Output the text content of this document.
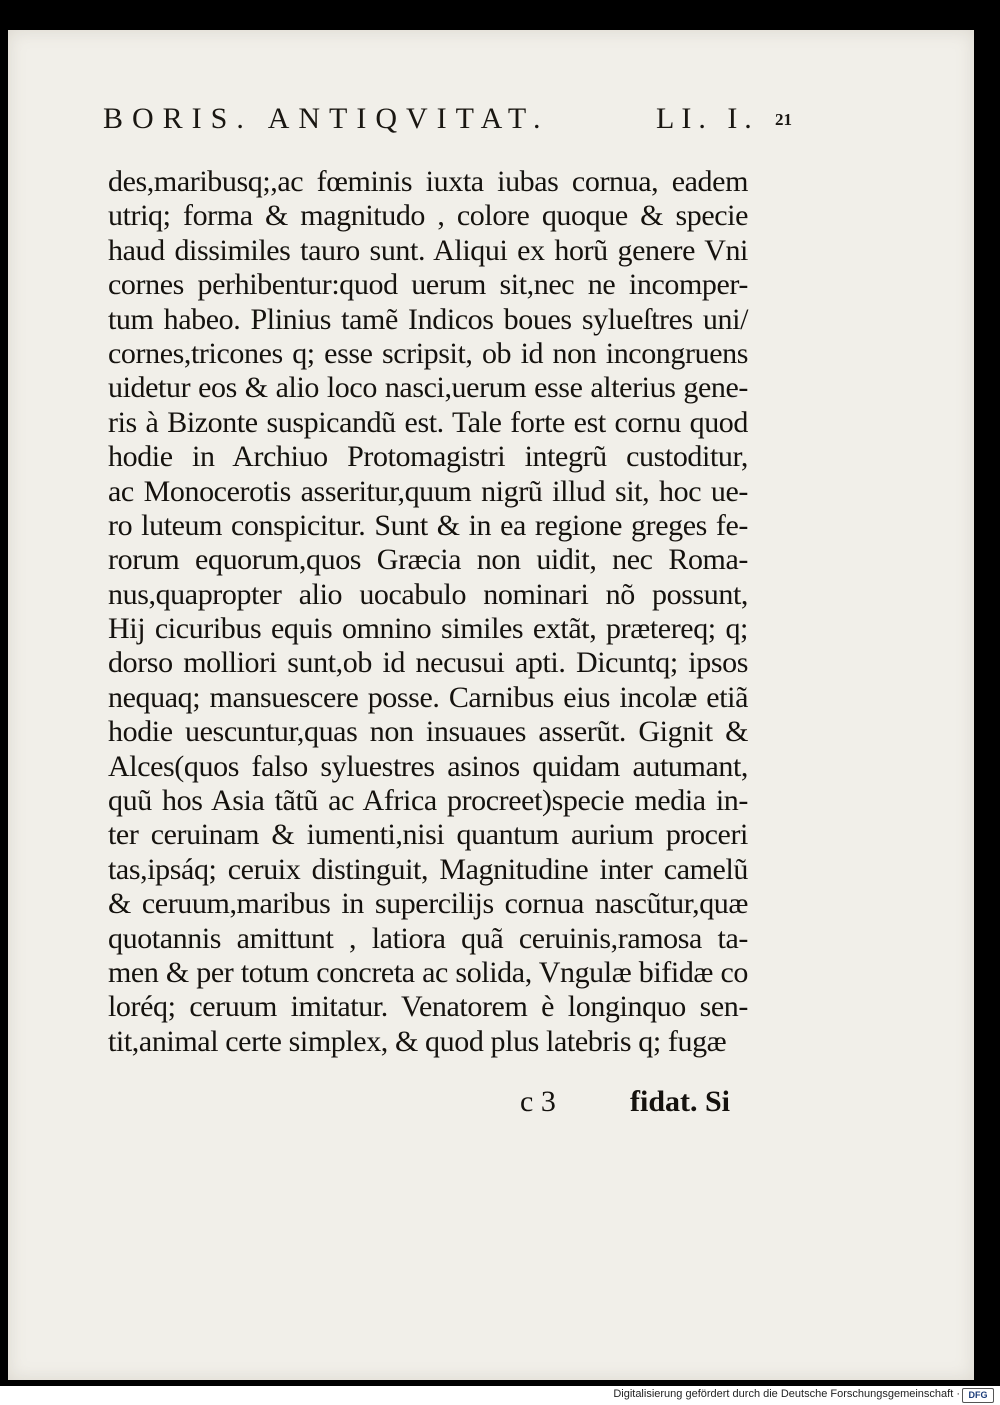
BORIS. ANTIQVITAT.	LI. I. 21
des,maribusq;,ac fœminis iuxta iubas cornua, eadem
utriq; forma & magnitudo , colore quoque & specie
haud dissimiles tauro sunt. Aliqui ex horũ genere Vni
cornes perhibentur:quod uerum sit,nec ne incomper-
tum habeo. Plinius tamẽ Indicos boues sylueſtres uni/
cornes,tricones q; esse scripsit, ob id non incongruens
uidetur eos & alio loco nasci,uerum esse alterius gene-
ris à Bizonte suspicandũ est. Tale forte est cornu quod
hodie in Archiuo Protomagistri integrũ custoditur,
ac Monocerotis asseritur,quum nigrũ illud sit, hoc ue-
ro luteum conspicitur. Sunt & in ea regione greges fe-
rorum equorum,quos Græcia non uidit, nec Roma-
nus,quapropter alio uocabulo nominari nõ possunt,
Hij cicuribus equis omnino similes extãt, prætereq; q;
dorso molliori sunt,ob id necusui apti. Dicuntq; ipsos
nequaq; mansuescere posse. Carnibus eius incolæ etiã
hodie uescuntur,quas non insuaues asserũt. Gignit &
Alces(quos falso syluestres asinos quidam autumant,
quũ hos Asia tãtũ ac Africa procreet)specie media in-
ter ceruinam & iumenti,nisi quantum aurium proceri
tas,ipsáq; ceruix distinguit, Magnitudine inter camelũ
& ceruum,maribus in supercilijs cornua nascũtur,quæ
quotannis amittunt , latiora quã ceruinis,ramosa ta-
men & per totum concreta ac solida, Vngulæ bifidæ co
loréq; ceruum imitatur. Venatorem è longinquo sen-
tit,animal certe simplex, & quod plus latebris q; fugæ
c 3 fidat. Si
Digitalisierung gefördert durch die Deutsche Forschungsgemeinschaft · DFG
